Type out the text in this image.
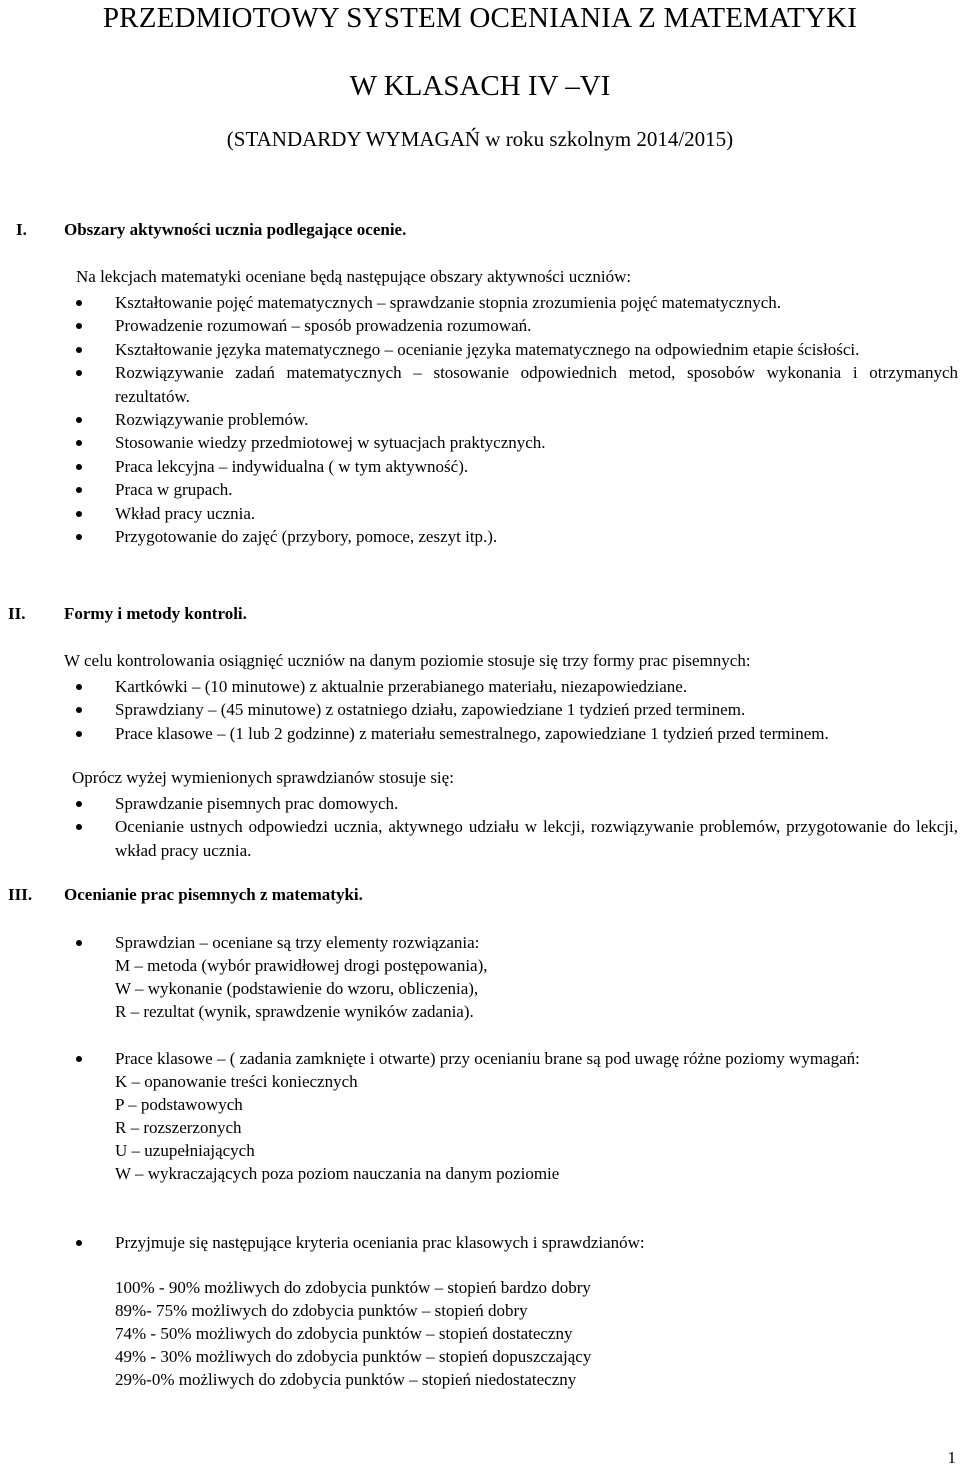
PRZEDMIOTOWY SYSTEM OCENIANIA Z MATEMATYKI
W KLASACH IV –VI
(STANDARDY WYMAGAŃ w roku szkolnym 2014/2015)
I. Obszary aktywności ucznia podlegające ocenie.
Na lekcjach matematyki oceniane będą następujące obszary aktywności uczniów:
Kształtowanie pojęć matematycznych – sprawdzanie stopnia zrozumienia pojęć matematycznych.
Prowadzenie rozumowań – sposób prowadzenia rozumowań.
Kształtowanie języka matematycznego – ocenianie języka matematycznego na odpowiednim etapie ścisłości.
Rozwiązywanie zadań matematycznych – stosowanie odpowiednich metod, sposobów wykonania i otrzymanych rezultatów.
Rozwiązywanie problemów.
Stosowanie wiedzy przedmiotowej w sytuacjach praktycznych.
Praca lekcyjna – indywidualna ( w tym aktywność).
Praca w grupach.
Wkład pracy ucznia.
Przygotowanie do zajęć (przybory, pomoce, zeszyt itp.).
II. Formy i metody kontroli.
W celu kontrolowania osiągnięć uczniów na danym poziomie stosuje się trzy formy prac pisemnych:
Kartkówki – (10 minutowe) z aktualnie przerabianego materiału, niezapowiedziane.
Sprawdziany – (45 minutowe) z ostatniego działu, zapowiedziane 1 tydzień przed terminem.
Prace klasowe – (1 lub 2 godzinne) z materiału semestralnego, zapowiedziane 1 tydzień przed terminem.
Oprócz wyżej wymienionych sprawdzianów stosuje się:
Sprawdzanie pisemnych prac domowych.
Ocenianie ustnych odpowiedzi ucznia, aktywnego udziału w lekcji, rozwiązywanie problemów, przygotowanie do lekcji, wkład pracy ucznia.
III. Ocenianie prac pisemnych z matematyki.
Sprawdzian – oceniane są trzy elementy rozwiązania:
M – metoda (wybór prawidłowej drogi postępowania),
W – wykonanie (podstawienie do wzoru, obliczenia),
R – rezultat (wynik, sprawdzenie wyników zadania).
Prace klasowe – ( zadania zamknięte i otwarte) przy ocenianiu brane są pod uwagę różne poziomy wymagań:
K – opanowanie treści koniecznych
P – podstawowych
R – rozszerzonych
U – uzupełniających
W – wykraczających poza poziom nauczania na danym poziomie
Przyjmuje się następujące kryteria oceniania prac klasowych i sprawdzianów:
100% - 90% możliwych do zdobycia punktów – stopień bardzo dobry
89%- 75% możliwych do zdobycia punktów – stopień dobry
74% - 50% możliwych do zdobycia punktów – stopień dostateczny
49% - 30% możliwych do zdobycia punktów – stopień dopuszczający
29%-0% możliwych do zdobycia punktów – stopień niedostateczny
1
